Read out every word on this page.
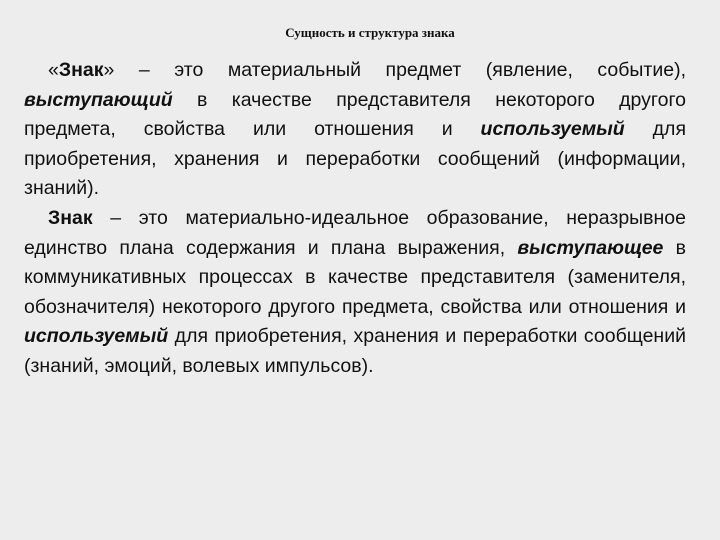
Сущность и структура знака

«Знак» – это материальный предмет (явление, событие), выступающий в качестве представителя некоторого другого предмета, свойства или отношения и используемый для приобретения, хранения и переработки сообщений (информации, знаний).

Знак – это материально-идеальное образование, неразрывное единство плана содержания и плана выражения, выступающее в коммуникативных процессах в качестве представителя (заменителя, обозначителя) некоторого другого предмета, свойства или отношения и используемый для приобретения, хранения и переработки сообщений (знаний, эмоций, волевых импульсов).
